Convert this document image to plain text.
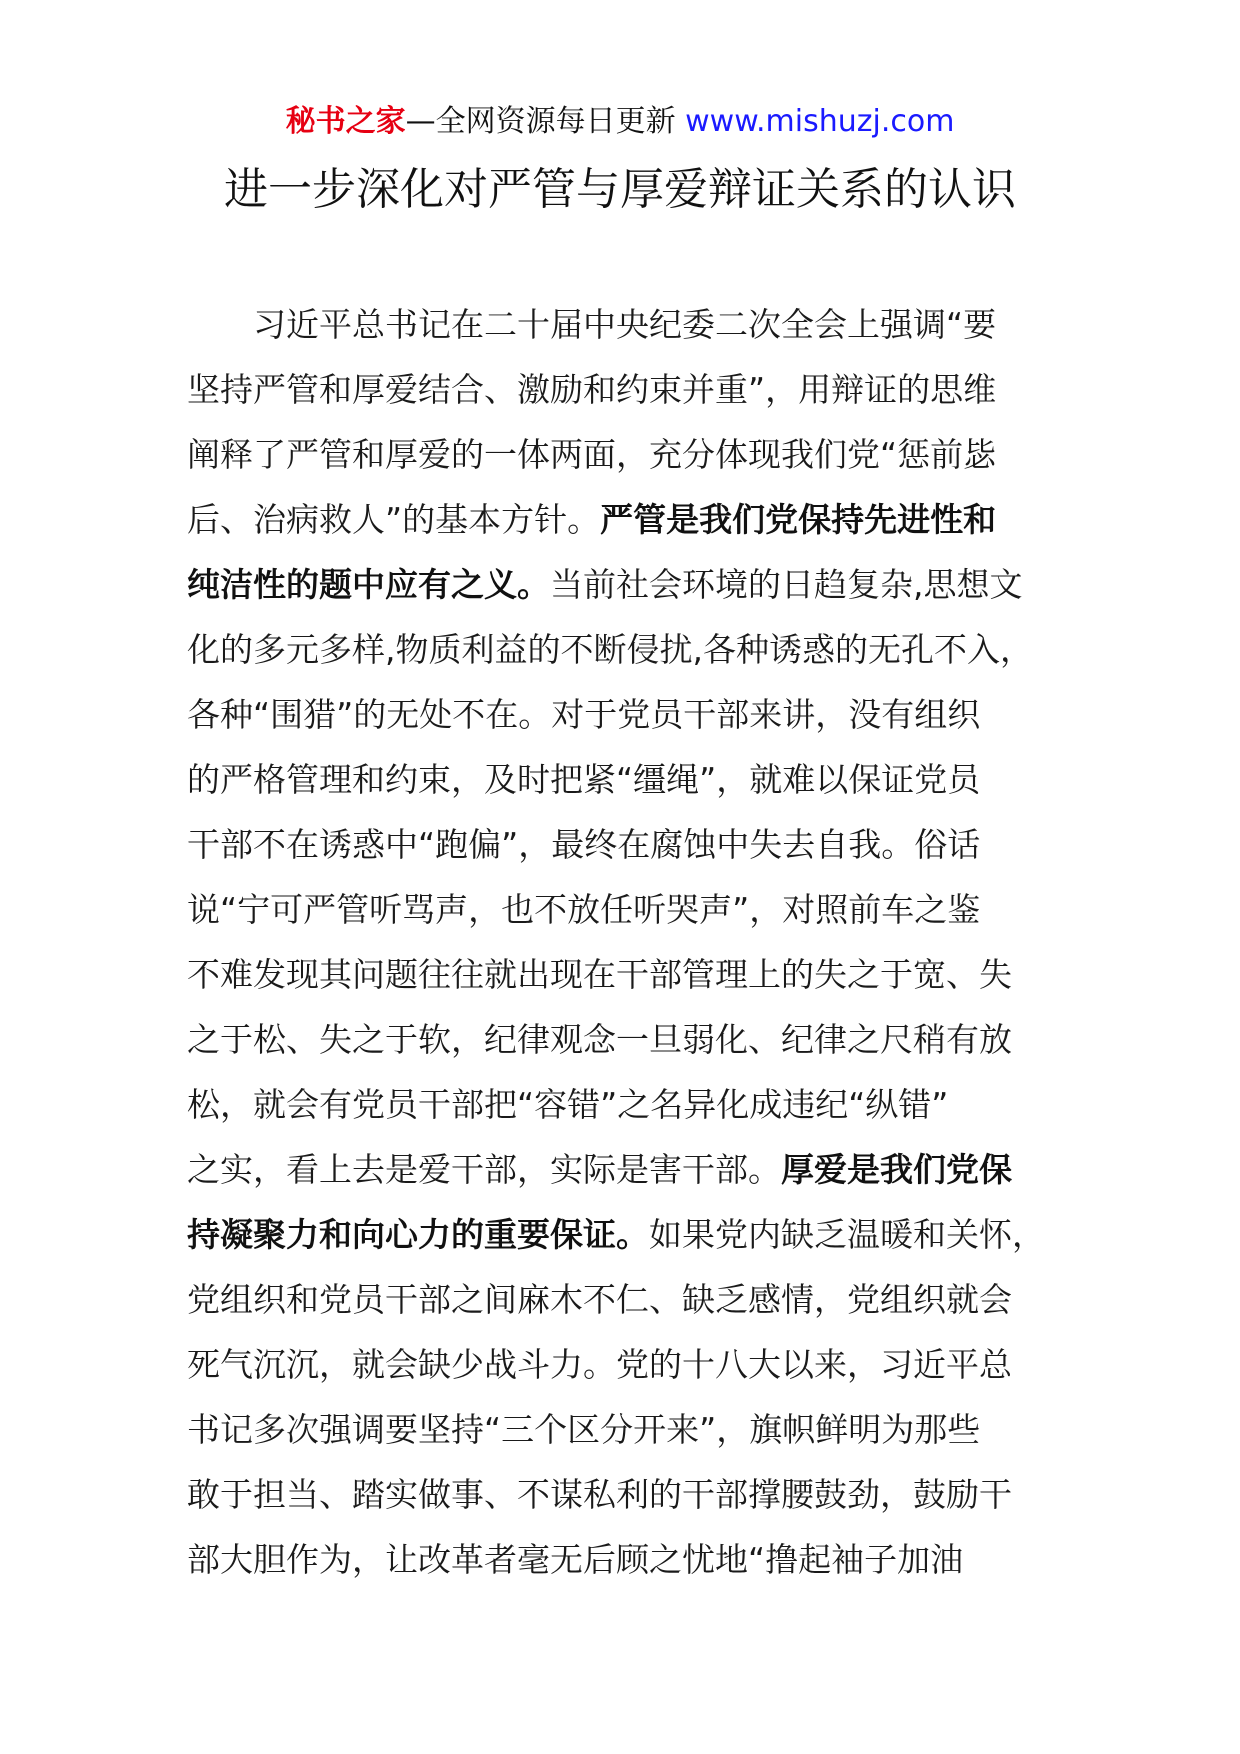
秘书之家—全网资源每日更新 www.mishuzj.com
进一步深化对严管与厚爱辩证关系的认识
习近平总书记在二十届中央纪委二次全会上强调“要
坚持严管和厚爱结合、激励和约束并重”，用辩证的思维
阐释了严管和厚爱的一体两面，充分体现我们党“惩前毖
后、治病救人”的基本方针。严管是我们党保持先进性和
纯洁性的题中应有之义。当前社会环境的日趋复杂,思想文
化的多元多样,物质利益的不断侵扰,各种诱惑的无孔不入，
各种“围猎”的无处不在。对于党员干部来讲，没有组织
的严格管理和约束，及时把紧“缰绳”，就难以保证党员
干部不在诱惑中“跑偏”，最终在腐蚀中失去自我。俗话
说“宁可严管听骂声，也不放任听哭声”，对照前车之鉴
不难发现其问题往往就出现在干部管理上的失之于宽、失
之于松、失之于软，纪律观念一旦弱化、纪律之尺稍有放
松，就会有党员干部把“容错”之名异化成违纪“纵错”
之实，看上去是爱干部，实际是害干部。厚爱是我们党保
持凝聚力和向心力的重要保证。如果党内缺乏温暖和关怀，
党组织和党员干部之间麻木不仁、缺乏感情，党组织就会
死气沉沉，就会缺少战斗力。党的十八大以来，习近平总
书记多次强调要坚持“三个区分开来”，旗帜鲜明为那些
敢于担当、踏实做事、不谋私利的干部撑腰鼓劲，鼓励干
部大胆作为，让改革者毫无后顾之忧地“撸起袖子加油
